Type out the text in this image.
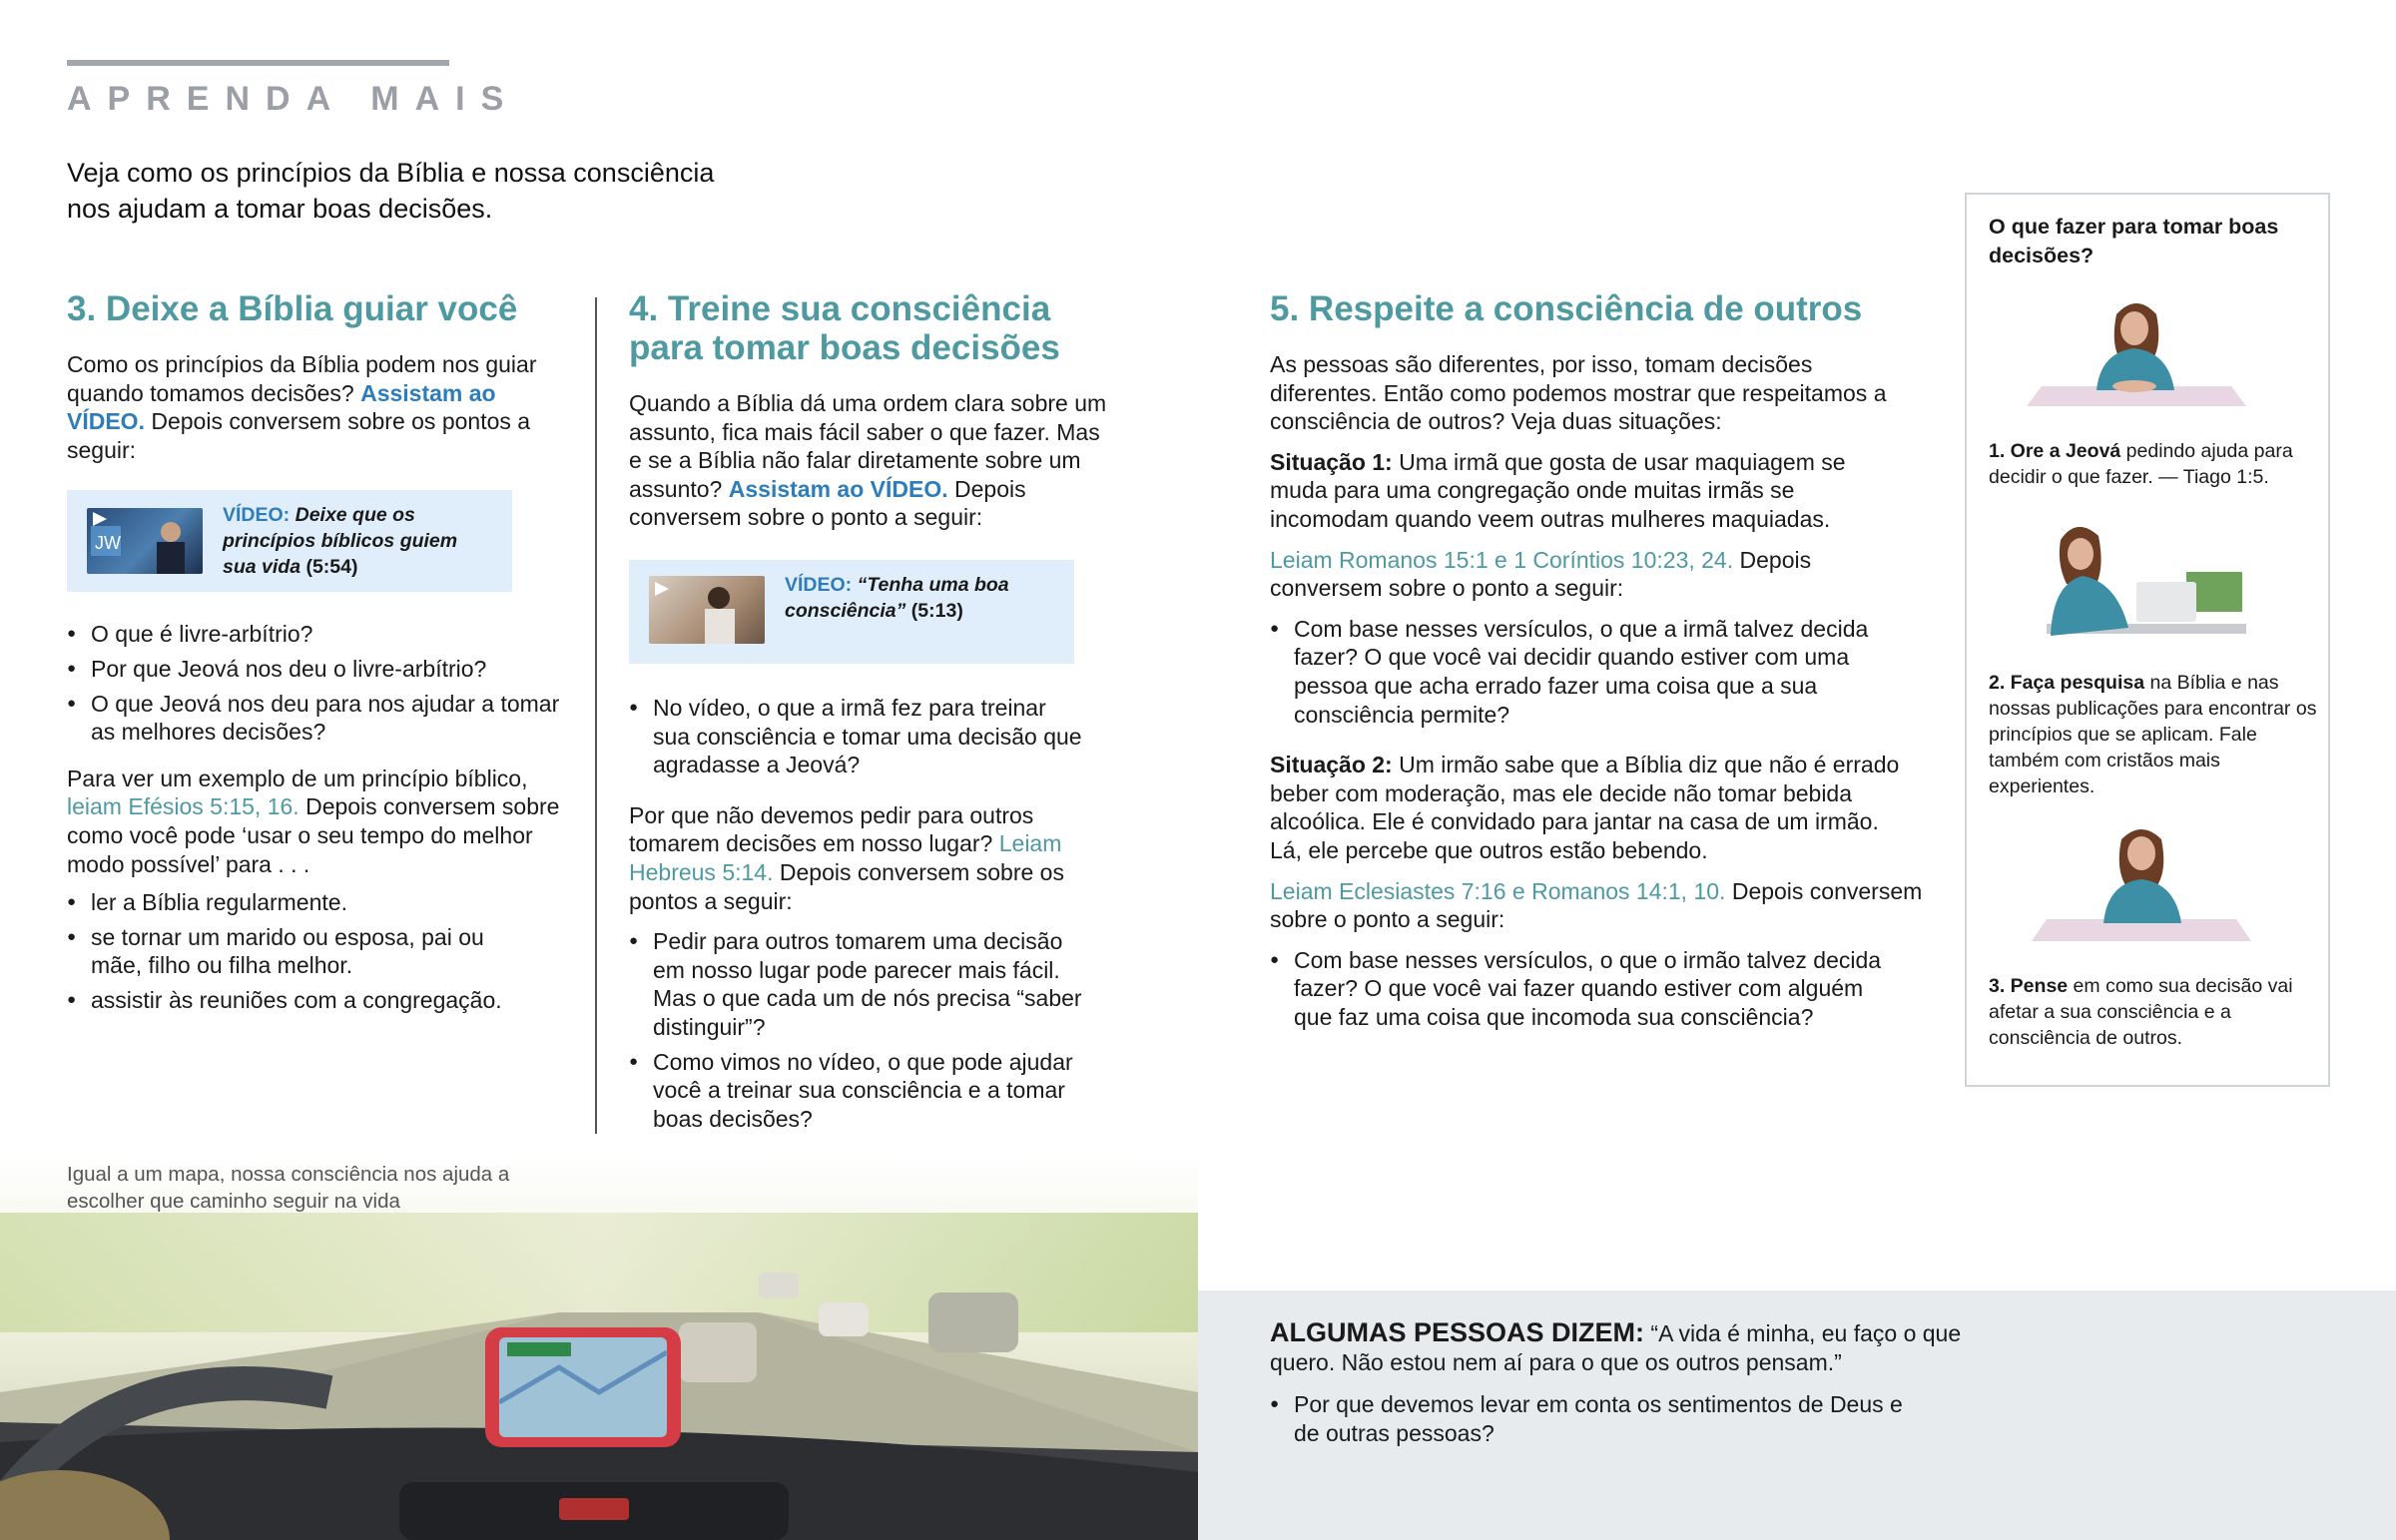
APRENDA MAIS
Veja como os princípios da Bíblia e nossa consciência
nos ajudam a tomar boas decisões.
3. Deixe a Bíblia guiar você

Como os princípios da Bíblia podem nos guiar quando tomamos decisões? Assistam ao VÍDEO. Depois conversem sobre os pontos a seguir:

JW
VÍDEO: Deixe que os princípios bíblicos guiem sua vida (5:54)
● O que é livre-arbítrio?
● Por que Jeová nos deu o livre-arbítrio?
● O que Jeová nos deu para nos ajudar a tomar as melhores decisões?

Para ver um exemplo de um princípio bíblico, leiam Efésios 5:15, 16. Depois conversem sobre como você pode ‘usar o seu tempo do melhor modo possível’ para . . .

● ler a Bíblia regularmente.
● se tornar um marido ou esposa, pai ou mãe, filho ou filha melhor.
● assistir às reuniões com a congregação.
4. Treine sua consciência para tomar boas decisões

Quando a Bíblia dá uma ordem clara sobre um assunto, fica mais fácil saber o que fazer. Mas e se a Bíblia não falar diretamente sobre um assunto? Assistam ao VÍDEO. Depois conversem sobre o ponto a seguir:

VÍDEO: “Tenha uma boa consciência” (5:13)
● No vídeo, o que a irmã fez para treinar sua consciência e tomar uma decisão que agradasse a Jeová?

Por que não devemos pedir para outros tomarem decisões em nosso lugar? Leiam Hebreus 5:14. Depois conversem sobre os pontos a seguir:

● Pedir para outros tomarem uma decisão em nosso lugar pode parecer mais fácil. Mas o que cada um de nós precisa “saber distinguir”?
● Como vimos no vídeo, o que pode ajudar você a treinar sua consciência e a tomar boas decisões?
5. Respeite a consciência de outros

As pessoas são diferentes, por isso, tomam decisões diferentes. Então como podemos mostrar que respeitamos a consciência de outros? Veja duas situações:

Situação 1: Uma irmã que gosta de usar maquiagem se muda para uma congregação onde muitas irmãs se incomodam quando veem outras mulheres maquiadas.

Leiam Romanos 15:1 e 1 Coríntios 10:23, 24. Depois conversem sobre o ponto a seguir:

● Com base nesses versículos, o que a irmã talvez decida fazer? O que você vai decidir quando estiver com uma pessoa que acha errado fazer uma coisa que a sua consciência permite?

Situação 2: Um irmão sabe que a Bíblia diz que não é errado beber com moderação, mas ele decide não tomar bebida alcoólica. Ele é convidado para jantar na casa de um irmão. Lá, ele percebe que outros estão bebendo.

Leiam Eclesiastes 7:16 e Romanos 14:1, 10. Depois conversem sobre o ponto a seguir:

● Com base nesses versículos, o que o irmão talvez decida fazer? O que você vai fazer quando estiver com alguém que faz uma coisa que incomoda sua consciência?
O que fazer para tomar boas decisões?
1. Ore a Jeová pedindo ajuda para decidir o que fazer. — Tiago 1:5.
2. Faça pesquisa na Bíblia e nas nossas publicações para encontrar os princípios que se aplicam. Fale também com cristãos mais experientes.
3. Pense em como sua decisão vai afetar a sua consciência e a consciência de outros.
Igual a um mapa, nossa consciência nos ajuda a escolher que caminho seguir na vida
ALGUMAS PESSOAS DIZEM: “A vida é minha, eu faço o que quero. Não estou nem aí para o que os outros pensam.”
● Por que devemos levar em conta os sentimentos de Deus e de outras pessoas?
